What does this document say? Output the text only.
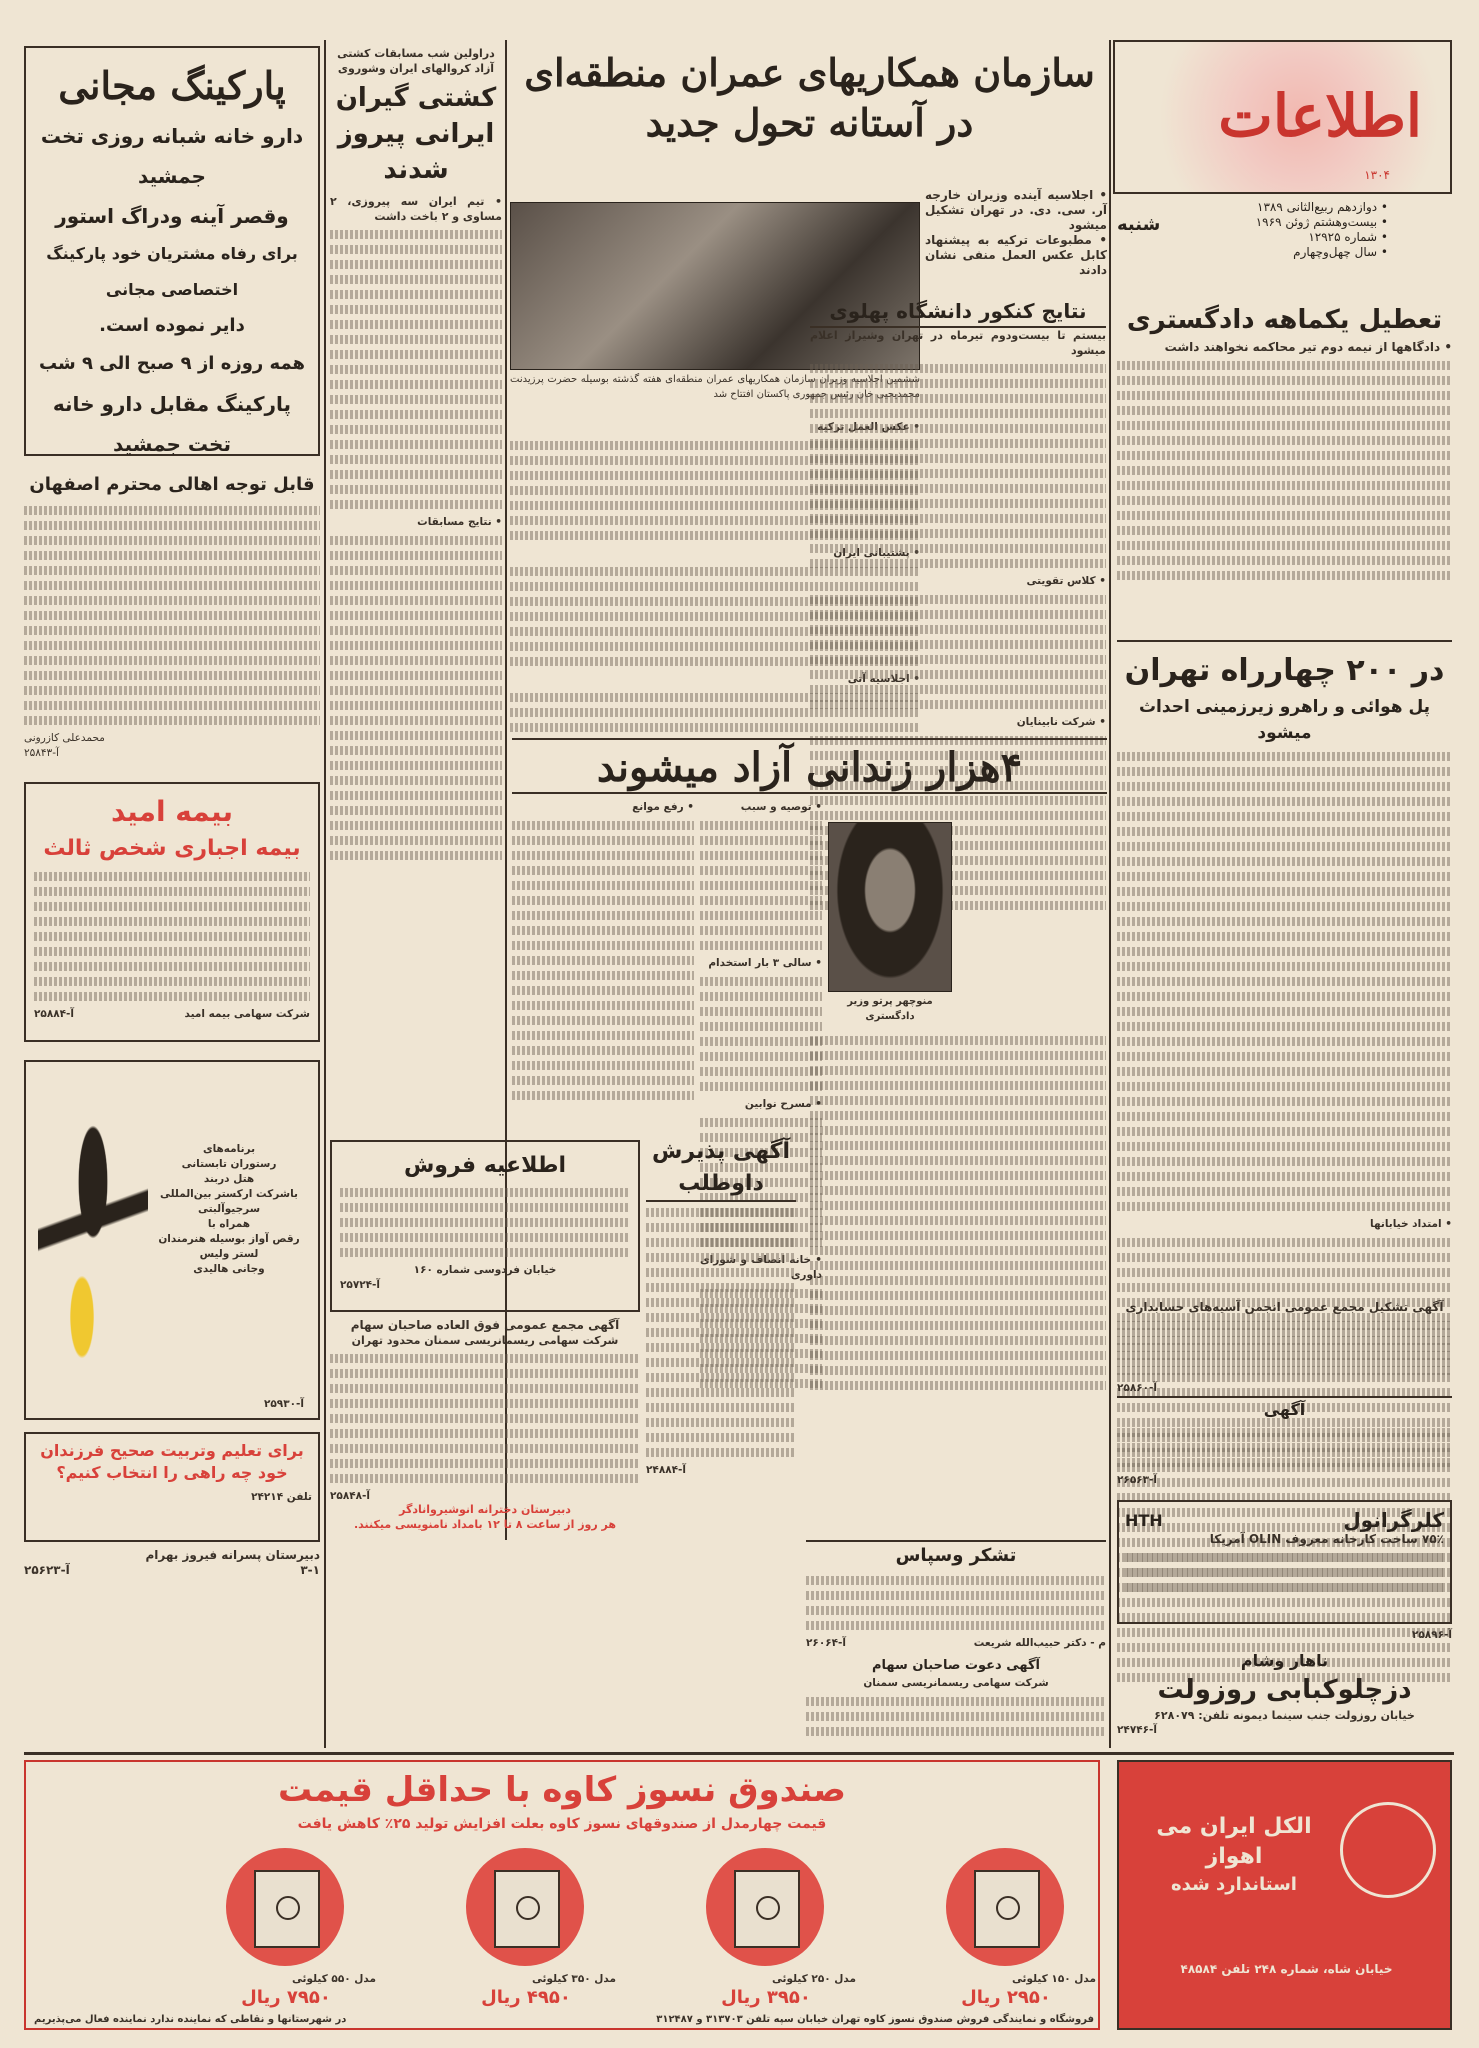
اطلاعات
۱۳۰۴
• دوازدهم ربیع‌الثانی ۱۳۸۹
• بیست‌وهشتم ژوئن ۱۹۶۹
• شماره ۱۲۹۲۵
• سال چهل‌وچهارم
شنبه
سازمان همکاریهای عمران منطقه‌ای
در آستانه تحول جدید
• اجلاسیه آینده وزیران خارجه آر. سی. دی. در تهران تشکیل میشود
• مطبوعات ترکیه به پیشنهاد کابل عکس العمل منفی نشان دادند
ششمین اجلاسیه وزیران سازمان همکاریهای عمران منطقه‌ای هفته گذشته بوسیله حضرت پرزیدنت محمدیحیی خان رئیس جمهوری پاکستان افتتاح شد
• عکس العمل ترکیه
• پشتیبانی ایران
• اجلاسیه آتی
دراولین شب مسابقات کشتی آزاد کروالهای ایران وشوروی
کشتی گیران ایرانی پیروز شدند
• تیم ایران سه پیروزی، ۲ مساوی و ۲ باخت داشت
• نتایج مسابقات
پارکینگ مجانی
دارو خانه شبانه روزی تخت جمشید
وقصر آینه ودراگ استور
برای رفاه مشتریان خود پارکینگ اختصاصی مجانی
دایر نموده است.
همه روزه از ۹ صبح الی ۹ شب
پارکینگ مقابل دارو خانه تخت جمشید
قابل توجه اهالی محترم اصفهان
محمدعلی کازرونی
آ-۲۵۸۴۳
بیمه امید
بیمه اجباری شخص ثالث
شرکت سهامی بیمه امید
آ-۲۵۸۸۴
برنامه‌های
رستوران تابستانی
هتل دربند
باشرکت ارکستر بین‌المللی
سرجیوآلبتی
همراه با
رقص آواز بوسیله هنرمندان
لستر ولیس
وجانی هالیدی
آ-۲۵۹۳۰
برای تعلیم وتربیت صحیح فرزندان خود چه راهی را انتخاب کنیم؟
تلفن ۲۴۲۱۴
دبیرستان پسرانه فیروز بهرام
۳-۱
آ-۲۵۶۲۳
نتایج کنکور دانشگاه پهلوی
بیستم تا بیست‌ودوم تیرماه در تهران وشیراز اعلام میشود
• کلاس تقویتی
• شرکت نابینایان
تعطیل یکماهه دادگستری
• دادگاهها از نیمه دوم تیر محاکمه نخواهند داشت
در ۲۰۰ چهارراه تهران
پل هوائی و راهرو زیرزمینی احداث میشود
• امتداد خیابانها
۴هزار زندانی آزاد میشوند
منوچهر پرتو وزیر دادگستری
• توصیه و سبب
• سالی ۳ بار استخدام
• مسرح نوابین
• خانه انصاف و شورای داوری
• رفع موانع
اطلاعیه فروش
خیابان فردوسی شماره ۱۶۰
آ-۲۵۷۲۴
آگهی مجمع عمومی فوق العاده صاحبان سهام
شرکت سهامی ریسمانریسی سمنان محدود تهران
آ-۲۵۸۴۸
دبیرستان دخترانه انوشیروانادگر
هر روز از ساعت ۸ تا ۱۲ بامداد نامنویسی میکنند.
آگهی پذیرش داوطلب
آ-۲۴۸۸۴
تشکر وسپاس
م - دکتر حبیب‌الله شریعت
آ-۲۶۰۶۴
آگهی دعوت صاحبان سهام
شرکت سهامی ریسمانریسی سمنان
کلرگرانول
HTH
۷۵٪ ساخت کارخانه معروف OLIN آمریکا
آ-۲۵۸۹۶
ناهار وشام
دزچلوکبابی روزولت
خیابان روزولت جنب سینما دیمونه تلفن: ۶۲۸۰۷۹
آ-۲۴۷۴۶
صندوق نسوز کاوه با حداقل قیمت
قیمت چهارمدل از صندوقهای نسوز کاوه بعلت افزایش تولید ۲۵٪ کاهش یافت
مدل ۱۵۰ کیلوئی
۲۹۵۰ ریال
مدل ۲۵۰ کیلوئی
۳۹۵۰ ریال
مدل ۳۵۰ کیلوئی
۴۹۵۰ ریال
مدل ۵۵۰ کیلوئی
۷۹۵۰ ریال
فروشگاه و نمایندگی فروش صندوق نسوز کاوه تهران خیابان سپه تلفن ۳۱۳۷۰۳ و ۳۱۲۴۸۷
در شهرستانها و نقاطی که نماینده ندارد نماینده فعال می‌پذیریم
الکل ایران می اهواز
استاندارد شده
خیابان شاه، شماره ۲۴۸ تلفن ۴۸۵۸۴
آگهی تشکیل مجمع عمومی انجمن آسیه‌های حسابداری
آ-۲۵۸۶۰
آگهی
آ-۲۶۵۶۳
